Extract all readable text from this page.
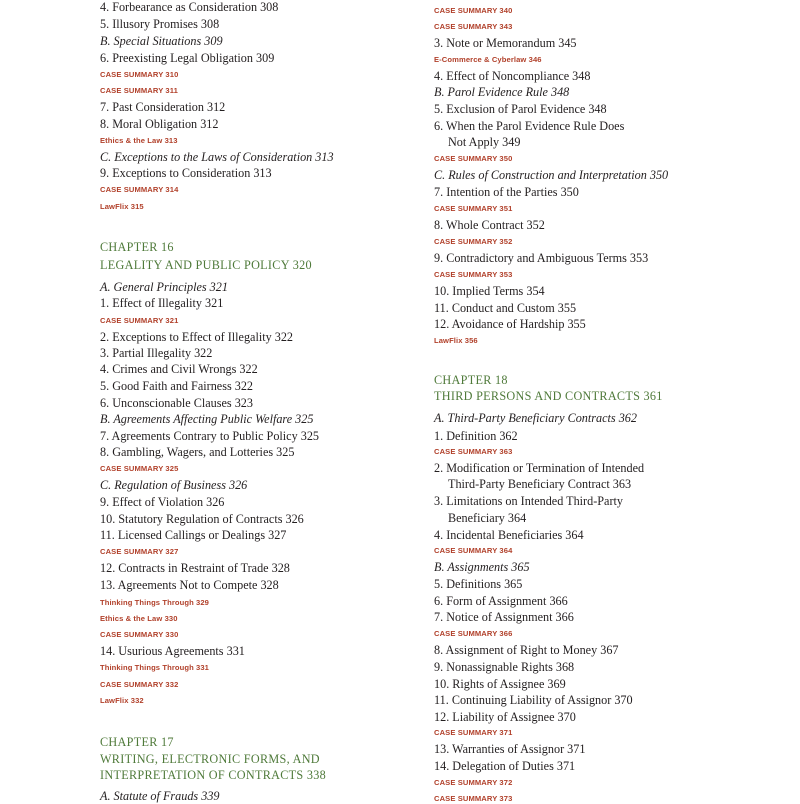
4. Forbearance as Consideration 308
5. Illusory Promises 308
B. Special Situations 309
6. Preexisting Legal Obligation 309
CASE SUMMARY 310
CASE SUMMARY 311
7. Past Consideration 312
8. Moral Obligation 312
Ethics & the Law 313
C. Exceptions to the Laws of Consideration 313
9. Exceptions to Consideration 313
CASE SUMMARY 314
LawFlix 315
CHAPTER 16
LEGALITY AND PUBLIC POLICY 320
A. General Principles 321
1. Effect of Illegality 321
CASE SUMMARY 321
2. Exceptions to Effect of Illegality 322
3. Partial Illegality 322
4. Crimes and Civil Wrongs 322
5. Good Faith and Fairness 322
6. Unconscionable Clauses 323
B. Agreements Affecting Public Welfare 325
7. Agreements Contrary to Public Policy 325
8. Gambling, Wagers, and Lotteries 325
CASE SUMMARY 325
C. Regulation of Business 326
9. Effect of Violation 326
10. Statutory Regulation of Contracts 326
11. Licensed Callings or Dealings 327
CASE SUMMARY 327
12. Contracts in Restraint of Trade 328
13. Agreements Not to Compete 328
Thinking Things Through 329
Ethics & the Law 330
CASE SUMMARY 330
14. Usurious Agreements 331
Thinking Things Through 331
CASE SUMMARY 332
LawFlix 332
CHAPTER 17
WRITING, ELECTRONIC FORMS, AND
INTERPRETATION OF CONTRACTS 338
A. Statute of Frauds 339
CASE SUMMARY 340
CASE SUMMARY 343
3. Note or Memorandum 345
E-Commerce & Cyberlaw 346
4. Effect of Noncompliance 348
B. Parol Evidence Rule 348
5. Exclusion of Parol Evidence 348
6. When the Parol Evidence Rule Does
Not Apply 349
CASE SUMMARY 350
C. Rules of Construction and Interpretation 350
7. Intention of the Parties 350
CASE SUMMARY 351
8. Whole Contract 352
CASE SUMMARY 352
9. Contradictory and Ambiguous Terms 353
CASE SUMMARY 353
10. Implied Terms 354
11. Conduct and Custom 355
12. Avoidance of Hardship 355
LawFlix 356
CHAPTER 18
THIRD PERSONS AND CONTRACTS 361
A. Third-Party Beneficiary Contracts 362
1. Definition 362
CASE SUMMARY 363
2. Modification or Termination of Intended
Third-Party Beneficiary Contract 363
3. Limitations on Intended Third-Party
Beneficiary 364
4. Incidental Beneficiaries 364
CASE SUMMARY 364
B. Assignments 365
5. Definitions 365
6. Form of Assignment 366
7. Notice of Assignment 366
CASE SUMMARY 366
8. Assignment of Right to Money 367
9. Nonassignable Rights 368
10. Rights of Assignee 369
11. Continuing Liability of Assignor 370
12. Liability of Assignee 370
CASE SUMMARY 371
13. Warranties of Assignor 371
14. Delegation of Duties 371
CASE SUMMARY 372
CASE SUMMARY 373
